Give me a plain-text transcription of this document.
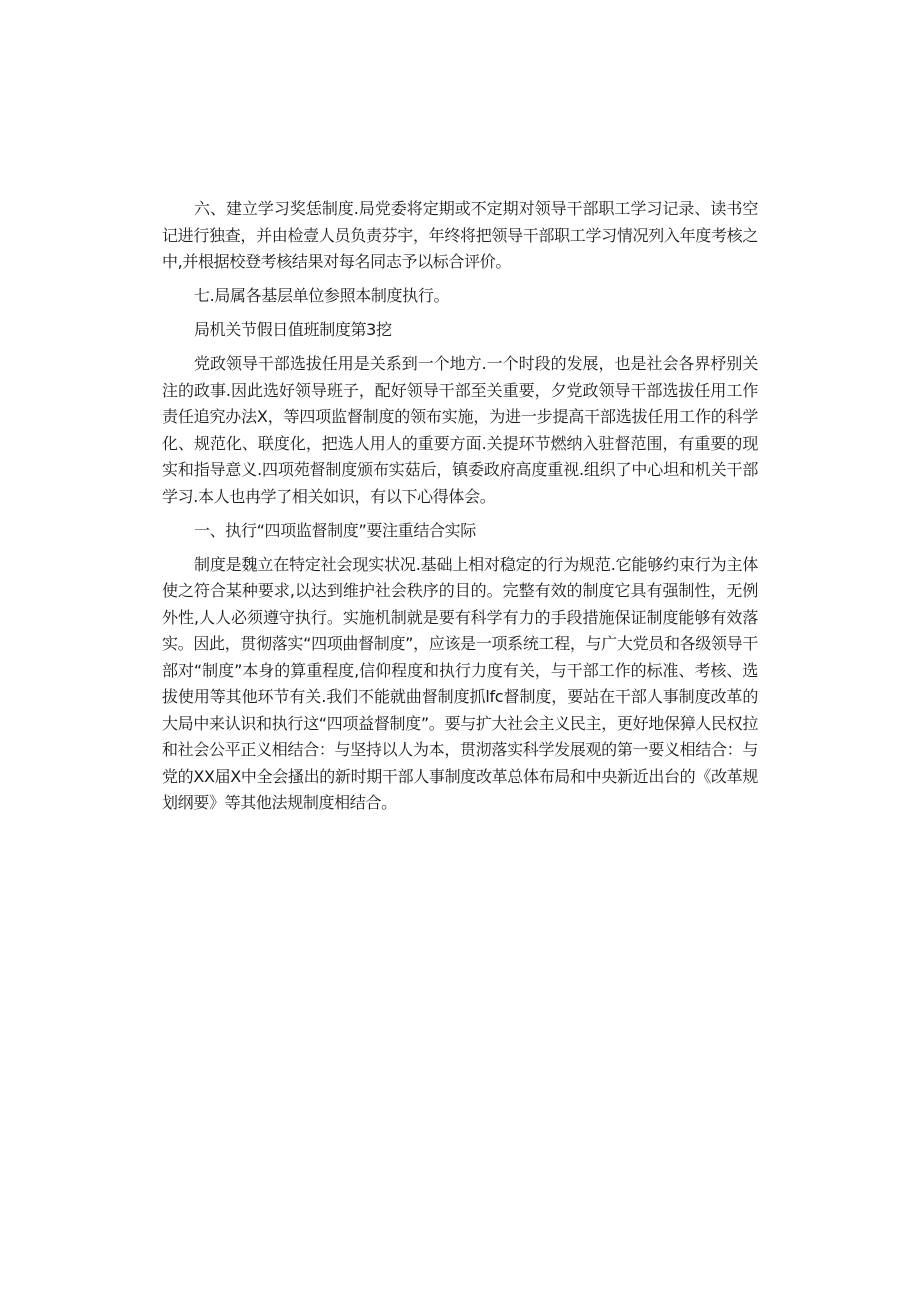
六、建立学习奖恁制度.局党委将定期或不定期对领导干部职工学习记录、读书空记进行独查，并由检壹人员负责芬宇，年终将把领导干部职工学习情况列入年度考核之中,并根据校登考核结果对每名同志予以标合评价。

七.局属各基层单位参照本制度执行。

局机关节假日值班制度第3挖

党政领导干部选拔任用是关系到一个地方.一个时段的发展，也是社会各界杼别关注的政事.因此选好领导班子，配好领导干部至关重要，夕党政领导干部选拔任用工作责任追究办法X，等四项监督制度的领布实施，为进一步提高干部选拔任用工作的科学化、规范化、联度化，把选人用人的重要方面.关提环节燃纳入驻督范围，有重要的现实和指导意义.四项苑督制度颁布实菇后，镇委政府高度重视.组织了中心坦和机关干部学习.本人也冉学了相关如识，有以下心得体会。

一、执行“四项监督制度”要注重结合实际

制度是魏立在特定社会现实状况.基础上相对稳定的行为规范.它能够约束行为主体使之符合某种要求,以达到维护社会秩序的目的。完整有效的制度它具有强制性，无例外性,人人必须遵守执行。实施机制就是要有科学有力的手段措施保证制度能够有效落实。因此，贯彻落实“四项曲督制度”，应该是一项系统工程，与广大党员和各级领导干部对“制度”本身的算重程度,信仰程度和执行力度有关，与干部工作的标准、考核、选拔使用等其他环节有关.我们不能就曲督制度抓lfc督制度，要站在干部人事制度改革的大局中来认识和执行这“四项益督制度”。要与扩大社会主义民主，更好地保獐人民权拉和社会公平正义相结合：与坚持以人为本，贯沏落实科学发展观的第一要义相结合：与党的XX届X中全会搔出的新时期干部人事制度改革总体布局和中央新近出台的《改革规划纲要》等其他法规制度相结合。
